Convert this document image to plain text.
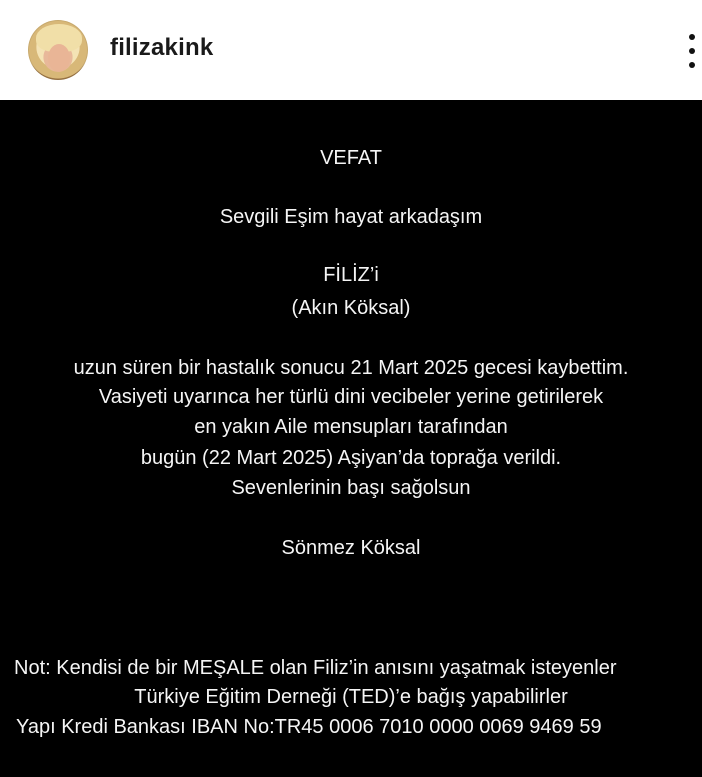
filizakink
VEFAT
Sevgili Eşim hayat arkadaşım
FİLİZ’i
(Akın Köksal)
uzun süren bir hastalık sonucu 21 Mart 2025 gecesi kaybettim.
Vasiyeti uyarınca her türlü dini vecibeler yerine getirilerek
en yakın Aile mensupları tarafından
bugün (22 Mart 2025) Aşiyan’da toprağa verildi.
Sevenlerinin başı sağolsun
Sönmez Köksal
Not: Kendisi de bir MEŞALE olan Filiz’in anısını yaşatmak isteyenler
Türkiye Eğitim Derneği (TED)’e bağış yapabilirler
Yapı Kredi Bankası IBAN No:TR45 0006 7010 0000 0069 9469 59
